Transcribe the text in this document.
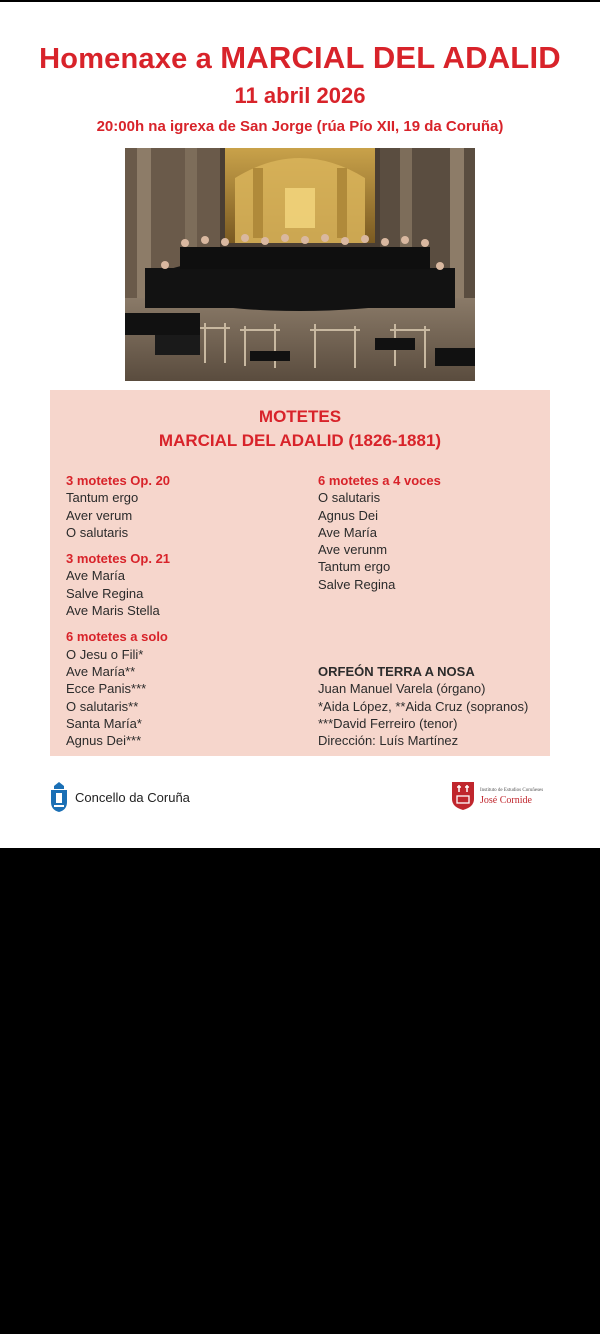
Homenaxe a MARCIAL DEL ADALID
11 abril 2026
20:00h na igrexa de San Jorge (rúa Pío XII, 19 da Coruña)
MOTETES
MARCIAL DEL ADALID (1826-1881)
3 motetes Op. 20
Tantum ergo
Aver verum
O salutaris
3 motetes Op. 21
Ave María
Salve Regina
Ave Maris Stella
6 motetes a solo
O Jesu o Fili*
Ave María**
Ecce Panis***
O salutaris**
Santa María*
Agnus Dei***
6 motetes a 4 voces
O salutaris
Agnus Dei
Ave María
Ave verunm
Tantum ergo
Salve Regina
ORFEÓN TERRA A NOSA
Juan Manuel Varela (órgano)
*Aida López, **Aida Cruz (sopranos)
***David Ferreiro (tenor)
Dirección: Luís Martínez
Concello da Coruña	Instituto de Estudios Coruñeses
José Cornide
